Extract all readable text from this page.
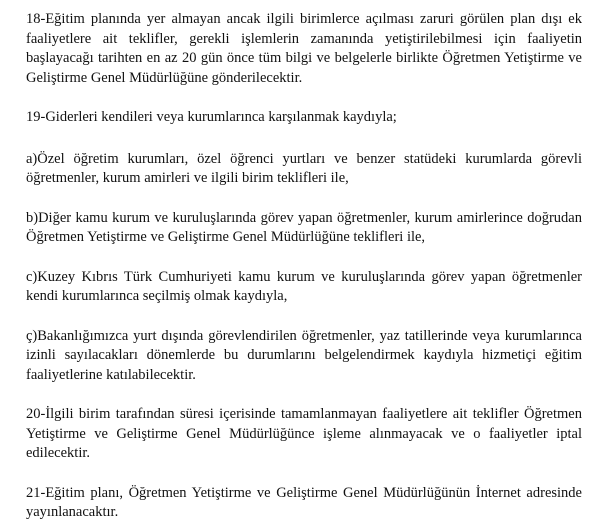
18-Eğitim planında yer almayan ancak ilgili birimlerce açılması zaruri görülen plan dışı ek faaliyetlere ait teklifler, gerekli işlemlerin zamanında yetiştirilebilmesi için faaliyetin başlayacağı tarihten en az 20 gün önce tüm bilgi ve belgelerle birlikte Öğretmen Yetiştirme ve Geliştirme Genel Müdürlüğüne gönderilecektir.

19-Giderleri kendileri veya kurumlarınca karşılanmak kaydıyla;

a)Özel öğretim kurumları, özel öğrenci yurtları ve benzer statüdeki kurumlarda görevli öğretmenler, kurum amirleri ve ilgili birim teklifleri ile,

b)Diğer kamu kurum ve kuruluşlarında görev yapan öğretmenler, kurum amirlerince doğrudan Öğretmen Yetiştirme ve Geliştirme Genel Müdürlüğüne teklifleri ile,

c)Kuzey Kıbrıs Türk Cumhuriyeti kamu kurum ve kuruluşlarında görev yapan öğretmenler kendi kurumlarınca seçilmiş olmak kaydıyla,

ç)Bakanlığımızca yurt dışında görevlendirilen öğretmenler, yaz tatillerinde veya kurumlarınca izinli sayılacakları dönemlerde bu durumlarını belgelendirmek kaydıyla hizmetiçi eğitim faaliyetlerine katılabilecektir.

20-İlgili birim tarafından süresi içerisinde tamamlanmayan faaliyetlere ait teklifler Öğretmen Yetiştirme ve Geliştirme Genel Müdürlüğünce işleme alınmayacak ve o faaliyetler iptal edilecektir.

21-Eğitim planı, Öğretmen Yetiştirme ve Geliştirme Genel Müdürlüğünün İnternet adresinde yayınlanacaktır.
